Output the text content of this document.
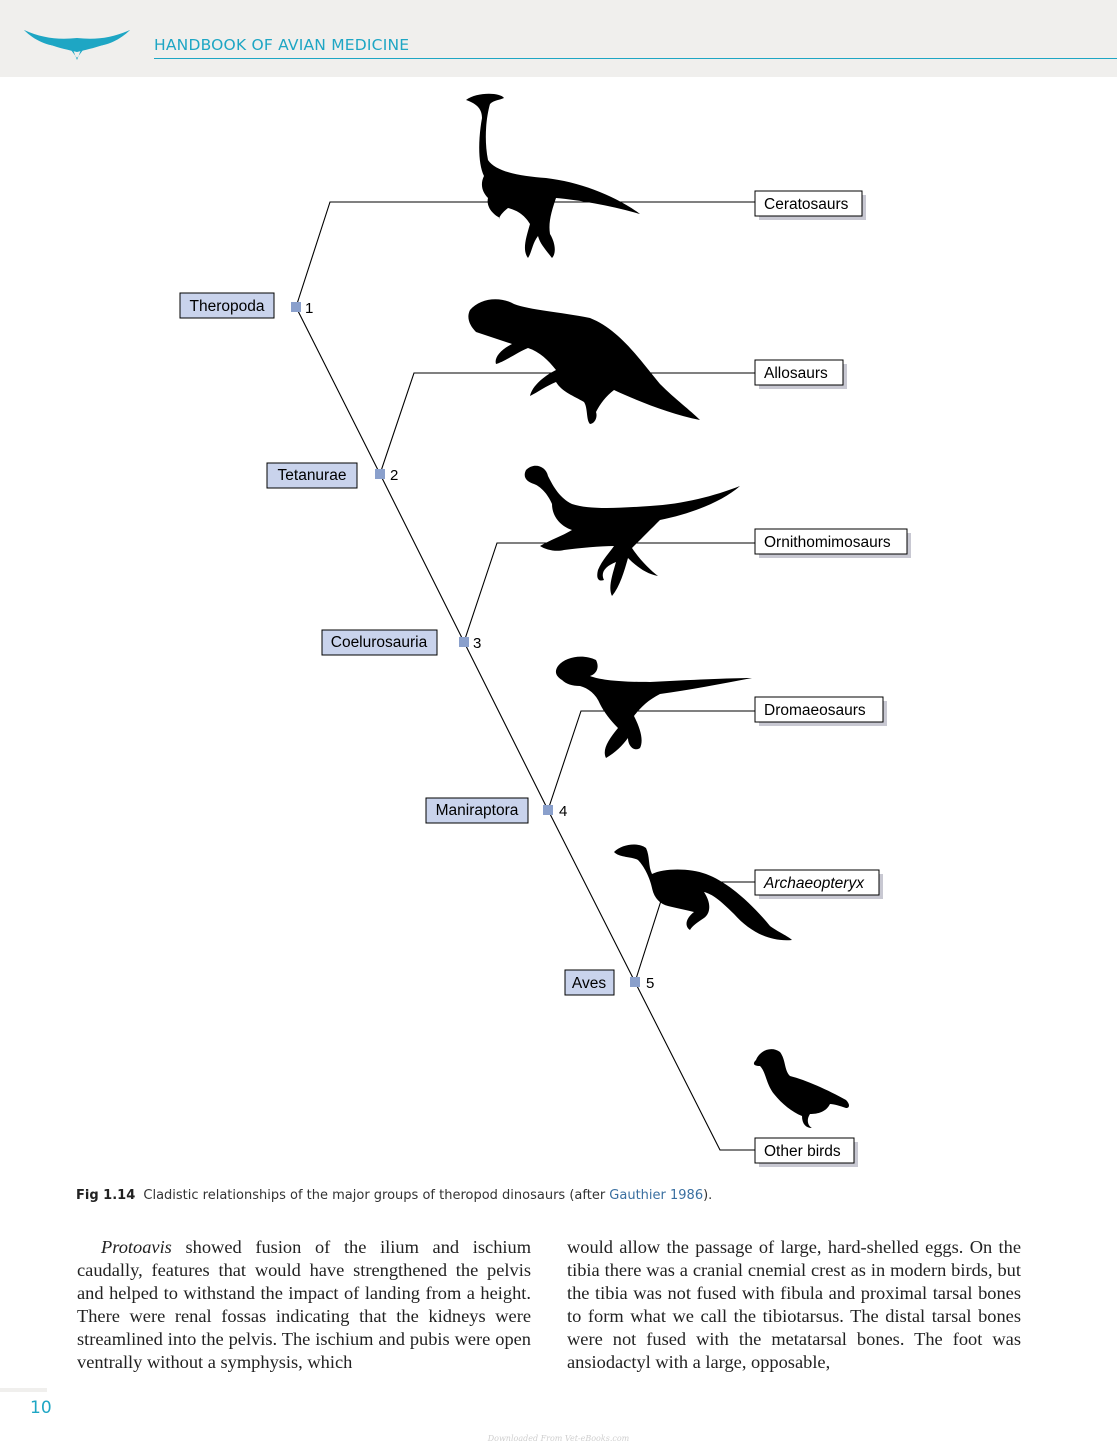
HANDBOOK OF AVIAN MEDICINE
1
2
3
4
5
Theropoda
Tetanurae
Coelurosauria
Maniraptora
Aves
Ceratosaurs
Allosaurs
Ornithomimosaurs
Dromaeosaurs
Archaeopteryx
Other birds
Fig 1.14 Cladistic relationships of the major groups of theropod dinosaurs (after Gauthier 1986).

Protoavis showed fusion of the ilium and ischium caudally, features that would have strengthened the pelvis and helped to withstand the impact of landing from a height. There were renal fossas indicating that the kidneys were streamlined into the pelvis. The ischium and pubis were open ventrally without a symphysis, which

would allow the passage of large, hard-shelled eggs. On the tibia there was a cranial cnemial crest as in modern birds, but the tibia was not fused with fibula and proximal tarsal bones to form what we call the tibiotarsus. The distal tarsal bones were not fused with the metatarsal bones. The foot was ansiodactyl with a large, opposable,

10
Downloaded From Vet-eBooks.com
